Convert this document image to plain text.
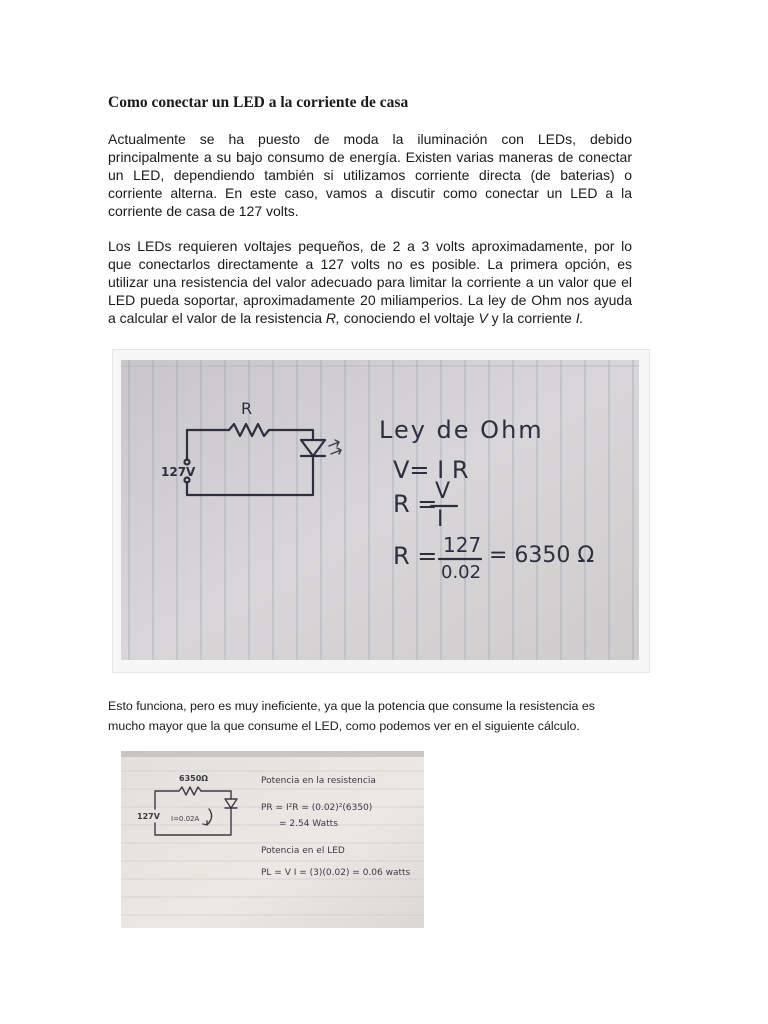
Como conectar un LED a la corriente de casa
Actualmente se ha puesto de moda la iluminación con LEDs, debido
principalmente a su bajo consumo de energía. Existen varias maneras de conectar
un LED, dependiendo también si utilizamos corriente directa (de baterias) o
corriente alterna. En este caso, vamos a discutir como conectar un LED a la
corriente de casa de 127 volts.
Los LEDs requieren voltajes pequeños, de 2 a 3 volts aproximadamente, por lo
que conectarlos directamente a 127 volts no es posible. La primera opción, es
utilizar una resistencia del valor adecuado para limitar la corriente a un valor que el
LED pueda soportar, aproximadamente 20 miliamperios. La ley de Ohm nos ayuda
a calcular el valor de la resistencia R, conociendo el voltaje V y la corriente I.
R
127V
Ley de Ohm
V= I R
R =
V
I
R = 127
0.02
= 6350 Ω
Esto funciona, pero es muy ineficiente, ya que la potencia que consume la resistencia es
mucho mayor que la que consume el LED, como podemos ver en el siguiente cálculo.
6350Ω
127V I=0.02A
Potencia en la resistencia
PR = I²R = (0.02)²(6350)
= 2.54 Watts
Potencia en el LED
PL = V I = (3)(0.02) = 0.06 watts
